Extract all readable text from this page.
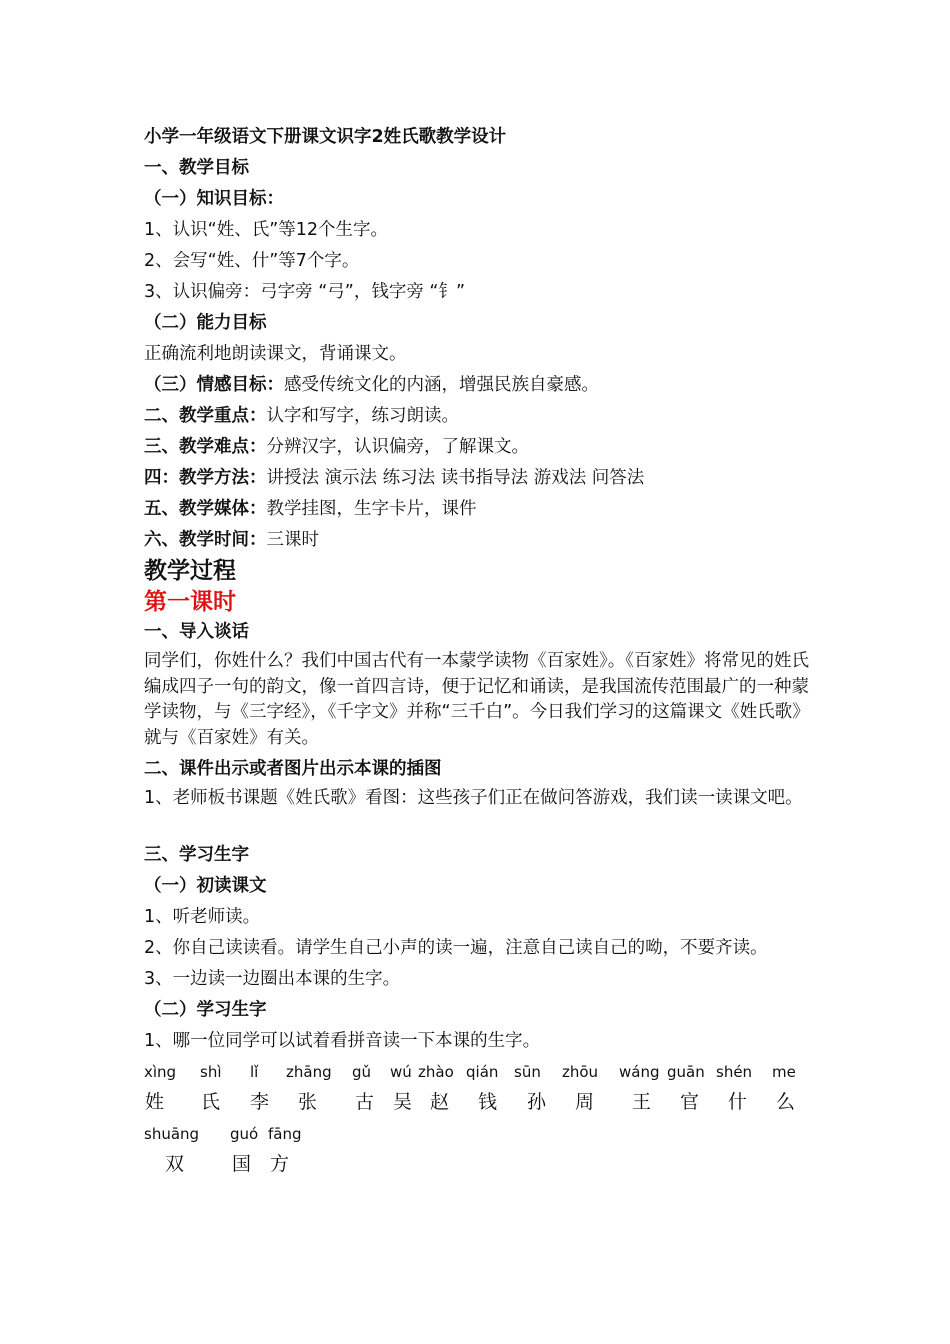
小学一年级语文下册课文识字2姓氏歌教学设计
一、教学目标
（一）知识目标：
1、认识“姓、氏”等12个生字。
2、会写“姓、什”等7个字。
3、认识偏旁：弓字旁 “弓”，钱字旁 “钅”
（二）能力目标
正确流利地朗读课文，背诵课文。
（三）情感目标：感受传统文化的内涵，增强民族自豪感。
二、教学重点：认字和写字，练习朗读。
三、教学难点：分辨汉字，认识偏旁，了解课文。
四：教学方法：讲授法 演示法 练习法 读书指导法 游戏法 问答法
五、教学媒体：教学挂图，生字卡片，课件
六、教学时间：三课时
教学过程
第一课时
一、导入谈话
同学们，你姓什么？我们中国古代有一本蒙学读物《百家姓》。《百家姓》将常见的姓氏编成四子一句的韵文，像一首四言诗，便于记忆和诵读，是我国流传范围最广的一种蒙学读物，与《三字经》，《千字文》并称“三千白”。今日我们学习的这篇课文《姓氏歌》就与《百家姓》有关。
二、课件出示或者图片出示本课的插图
1、老师板书课题《姓氏歌》看图：这些孩子们正在做问答游戏，我们读一读课文吧。
三、学习生字
（一）初读课文
1、听老师读。
2、你自己读读看。请学生自己小声的读一遍，注意自己读自己的呦，不要齐读。
3、一边读一边圈出本课的生字。
（二）学习生字
1、哪一位同学可以试着看拼音读一下本课的生字。
xìng shì lǐ zhāng gǔ wú zhào qián sūn zhōu wáng guān shén me
姓 氏 李 张 古 吴 赵 钱 孙 周 王 官 什 么
shuāng guó fāng
双	国 方
